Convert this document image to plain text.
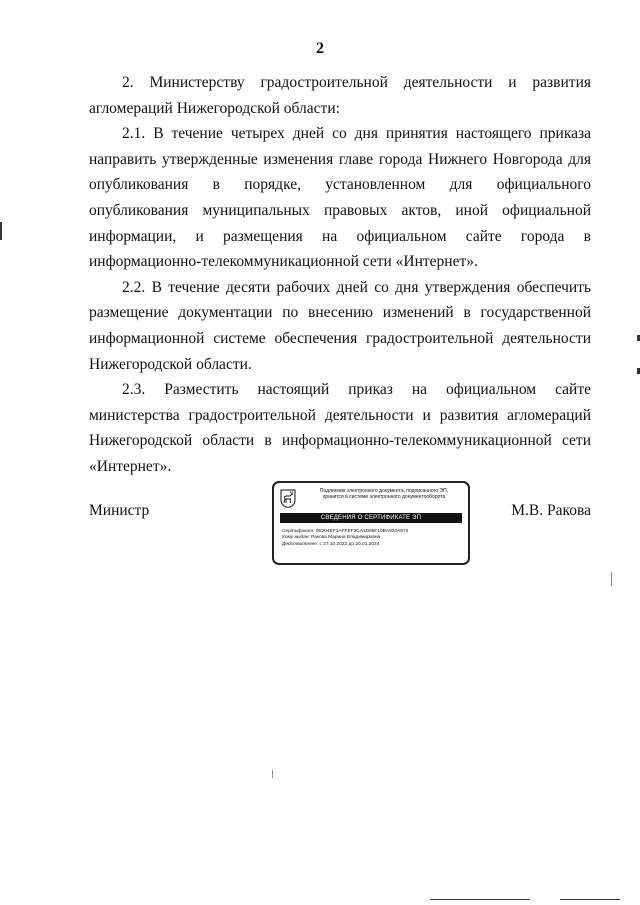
2

2. Министерству градостроительной деятельности и развития агломераций Нижегородской области:

2.1. В течение четырех дней со дня принятия настоящего приказа направить утвержденные изменения главе города Нижнего Новгорода для опубликования в порядке, установленном для официального опубликования муниципальных правовых актов, иной официальной информации, и размещения на официальном сайте города в информационно-телекоммуникационной сети «Интернет».

2.2. В течение десяти рабочих дней со дня утверждения обеспечить размещение документации по внесению изменений в государственной информационной системе обеспечения градостроительной деятельности Нижегородской области.

2.3. Разместить настоящий приказ на официальном сайте министерства градостроительной деятельности и развития агломераций Нижегородской области в информационно-телекоммуникационной сети «Интернет».

Министр	М.В. Ракова
Подлинник электронного документа, подписанного ЭП,
хранится в системе электронного документооборота
СВЕДЕНИЯ О СЕРТИФИКАТЕ ЭП
Сертификат: 0E204EF1AFFEF3CA1D65F10BA920A972
Кому выдан: Ракова Марина Владимировна
Действителен: с 27.10.2022 до 20.01.2024
